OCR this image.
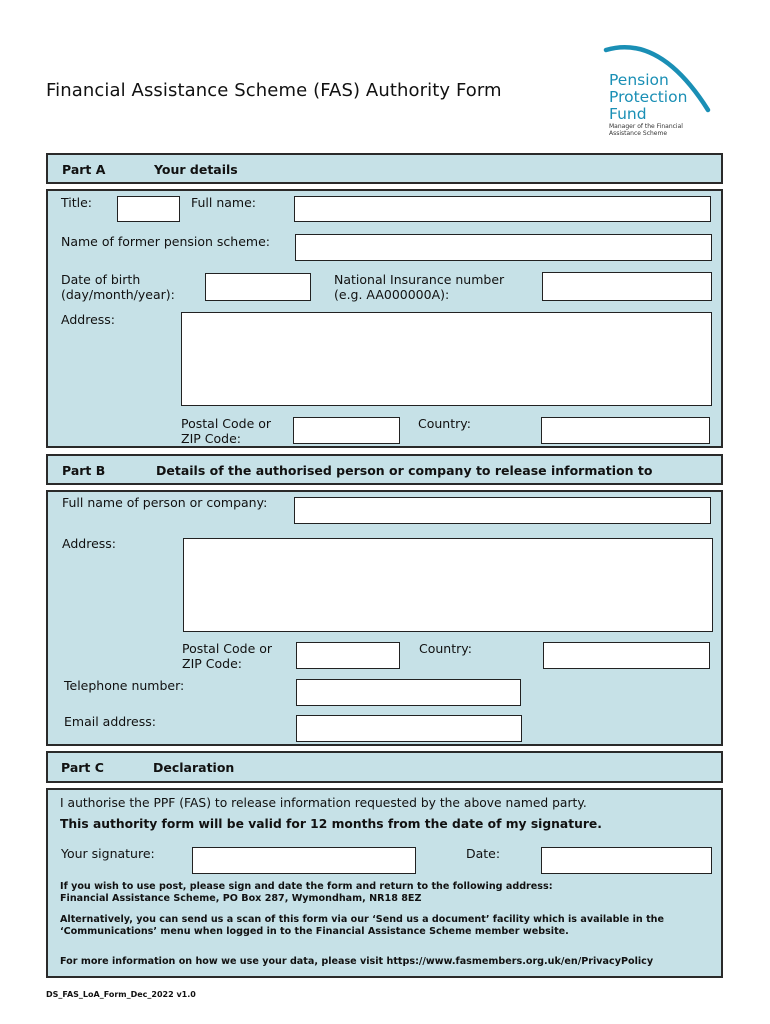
Financial Assistance Scheme (FAS) Authority Form	Pension
Protection
Fund
Manager of the Financial
Assistance Scheme
Part A	Your details
Title:	Full name:
Name of former pension scheme:
Date of birth
(day/month/year):
National Insurance number
(e.g. AA000000A):
Address:
Postal Code or
ZIP Code:
Country:
Part B	Details of the authorised person or company to release information to
Full name of person or company:
Address:
Postal Code or
ZIP Code:
Country:
Telephone number:
Email address:
Part C	Declaration
I authorise the PPF (FAS) to release information requested by the above named party.
This authority form will be valid for 12 months from the date of my signature.
Your signature:	Date:
If you wish to use post, please sign and date the form and return to the following address:
Financial Assistance Scheme, PO Box 287, Wymondham, NR18 8EZ
Alternatively, you can send us a scan of this form via our ‘Send us a document’ facility which is available in the
‘Communications’ menu when logged in to the Financial Assistance Scheme member website.
For more information on how we use your data, please visit https://www.fasmembers.org.uk/en/PrivacyPolicy
DS_FAS_LoA_Form_Dec_2022 v1.0
